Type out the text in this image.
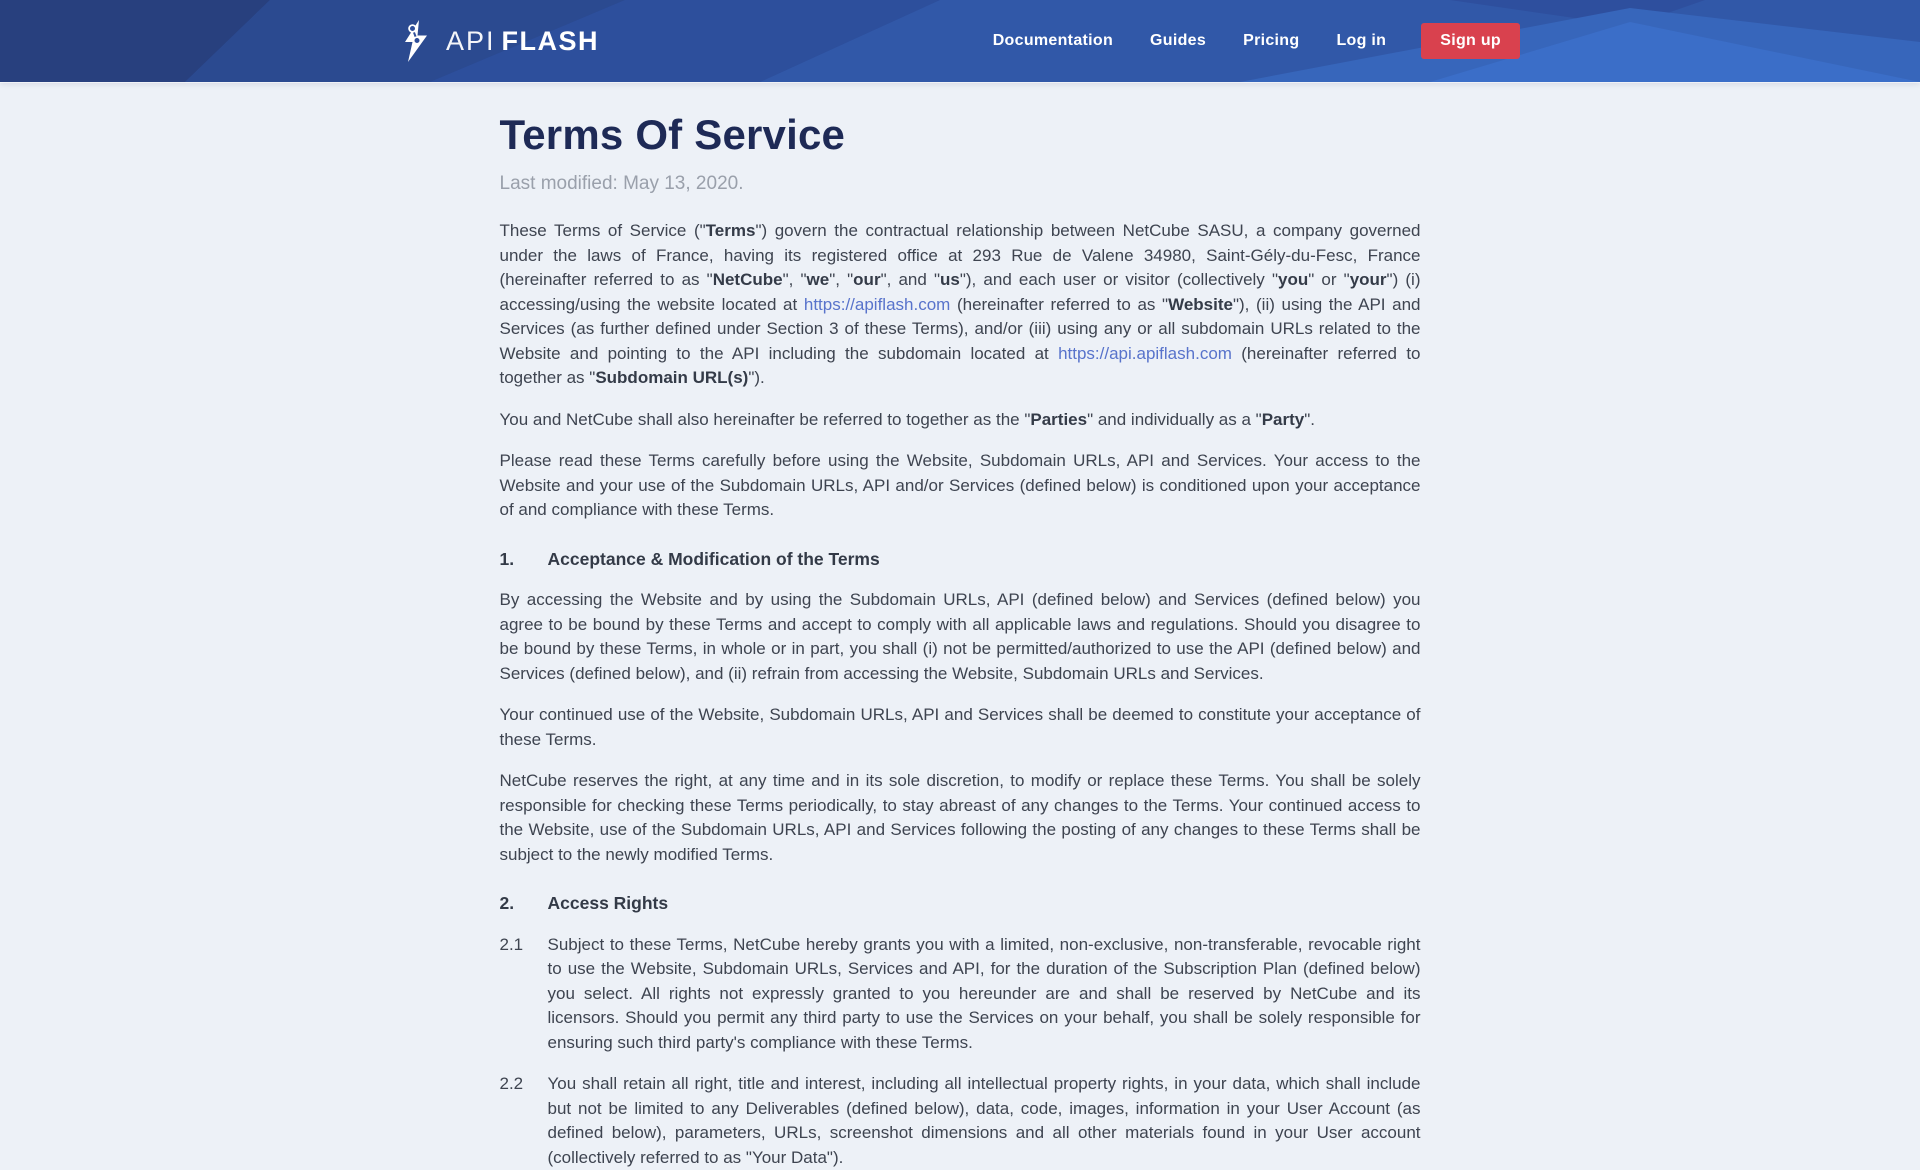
API FLASH	Documentation Guides Pricing Log in	Sign up
Terms Of Service

Last modified: May 13, 2020.

These Terms of Service ("Terms") govern the contractual relationship between NetCube SASU, a company governed under the laws of France, having its registered office at 293 Rue de Valene 34980, Saint-Gély-du-Fesc, France (hereinafter referred to as "NetCube", "we", "our", and "us"), and each user or visitor (collectively "you" or "your") (i) accessing/using the website located at https://apiflash.com (hereinafter referred to as "Website"), (ii) using the API and Services (as further defined under Section 3 of these Terms), and/or (iii) using any or all subdomain URLs related to the Website and pointing to the API including the subdomain located at https://api.apiflash.com (hereinafter referred to together as "Subdomain URL(s)").

You and NetCube shall also hereinafter be referred to together as the "Parties" and individually as a "Party".

Please read these Terms carefully before using the Website, Subdomain URLs, API and Services. Your access to the Website and your use of the Subdomain URLs, API and/or Services (defined below) is conditioned upon your acceptance of and compliance with these Terms.

1.	Acceptance & Modification of the Terms

By accessing the Website and by using the Subdomain URLs, API (defined below) and Services (defined below) you agree to be bound by these Terms and accept to comply with all applicable laws and regulations. Should you disagree to be bound by these Terms, in whole or in part, you shall (i) not be permitted/authorized to use the API (defined below) and Services (defined below), and (ii) refrain from accessing the Website, Subdomain URLs and Services.

Your continued use of the Website, Subdomain URLs, API and Services shall be deemed to constitute your acceptance of these Terms.

NetCube reserves the right, at any time and in its sole discretion, to modify or replace these Terms. You shall be solely responsible for checking these Terms periodically, to stay abreast of any changes to the Terms. Your continued access to the Website, use of the Subdomain URLs, API and Services following the posting of any changes to these Terms shall be subject to the newly modified Terms.

2.	Access Rights
2.1	Subject to these Terms, NetCube hereby grants you with a limited, non-exclusive, non-transferable, revocable right to use the Website, Subdomain URLs, Services and API, for the duration of the Subscription Plan (defined below) you select. All rights not expressly granted to you hereunder are and shall be reserved by NetCube and its licensors. Should you permit any third party to use the Services on your behalf, you shall be solely responsible for ensuring such third party's compliance with these Terms.

2.2	You shall retain all right, title and interest, including all intellectual property rights, in your data, which shall include but not be limited to any Deliverables (defined below), data, code, images, information in your User Account (as defined below), parameters, URLs, screenshot dimensions and all other materials found in your User account (collectively referred to as "Your Data").
